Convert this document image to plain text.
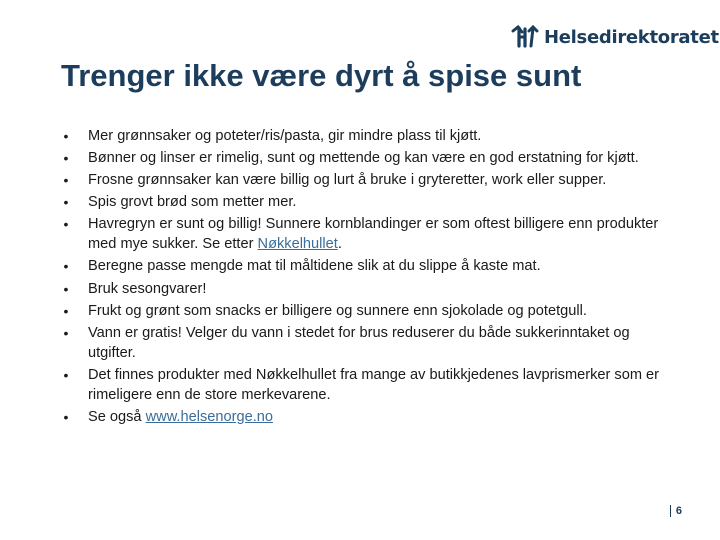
Helsedirektoratet
Trenger ikke være dyrt å spise sunt
• Mer grønnsaker og poteter/ris/pasta, gir mindre plass til kjøtt.
• Bønner og linser er rimelig, sunt og mettende og kan være en god erstatning for kjøtt.
• Frosne grønnsaker kan være billig og lurt å bruke i gryteretter, work eller supper.
• Spis grovt brød som metter mer.
• Havregryn er sunt og billig! Sunnere kornblandinger er som oftest billigere enn produkter med mye sukker. Se etter Nøkkelhullet.
• Beregne passe mengde mat til måltidene slik at du slippe å kaste mat.
• Bruk sesongvarer!
• Frukt og grønt som snacks er billigere og sunnere enn sjokolade og potetgull.
• Vann er gratis! Velger du vann i stedet for brus reduserer du både sukkerinntaket og utgifter.
• Det finnes produkter med Nøkkelhullet fra mange av butikkjedenes lavprismerker som er rimeligere enn de store merkevarene.
• Se også www.helsenorge.no
6
